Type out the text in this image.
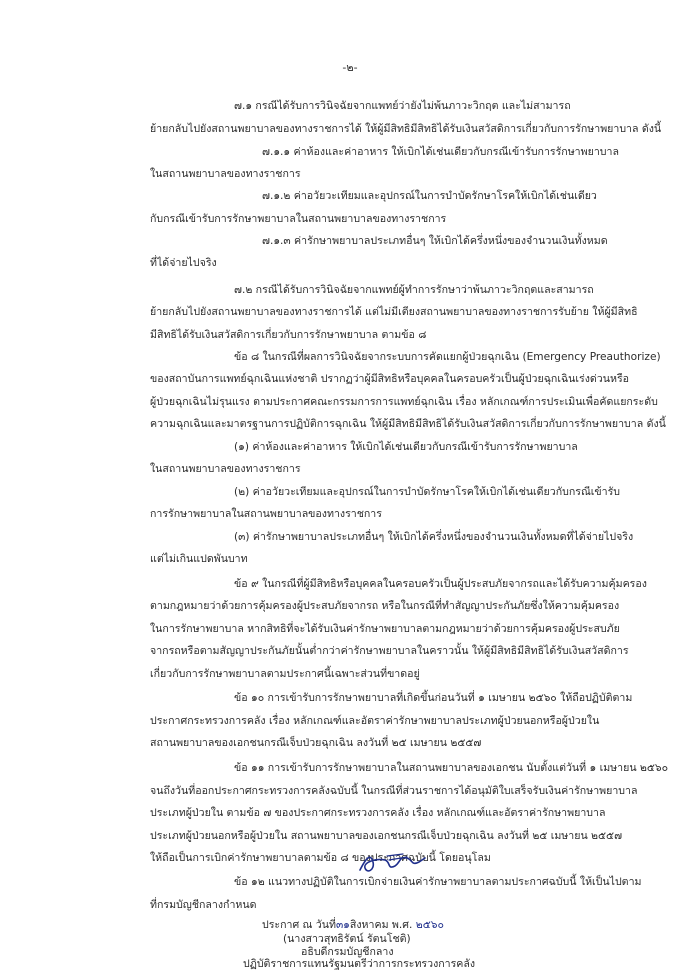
-๒-
๗.๑ กรณีได้รับการวินิจฉัยจากแพทย์ว่ายังไม่พ้นภาวะวิกฤต และไม่สามารถ
ย้ายกลับไปยังสถานพยาบาลของทางราชการได้ ให้ผู้มีสิทธิมีสิทธิได้รับเงินสวัสดิการเกี่ยวกับการรักษาพยาบาล ดังนี้
๗.๑.๑ ค่าห้องและค่าอาหาร ให้เบิกได้เช่นเดียวกับกรณีเข้ารับการรักษาพยาบาล
ในสถานพยาบาลของทางราชการ
๗.๑.๒ ค่าอวัยวะเทียมและอุปกรณ์ในการบำบัดรักษาโรคให้เบิกได้เช่นเดียว
กับกรณีเข้ารับการรักษาพยาบาลในสถานพยาบาลของทางราชการ
๗.๑.๓ ค่ารักษาพยาบาลประเภทอื่นๆ ให้เบิกได้ครึ่งหนึ่งของจำนวนเงินทั้งหมด
ที่ได้จ่ายไปจริง
๗.๒ กรณีได้รับการวินิจฉัยจากแพทย์ผู้ทำการรักษาว่าพ้นภาวะวิกฤตและสามารถ
ย้ายกลับไปยังสถานพยาบาลของทางราชการได้ แต่ไม่มีเตียงสถานพยาบาลของทางราชการรับย้าย ให้ผู้มีสิทธิ
มีสิทธิได้รับเงินสวัสดิการเกี่ยวกับการรักษาพยาบาล ตามข้อ ๘
ข้อ ๘ ในกรณีที่ผลการวินิจฉัยจากระบบการคัดแยกผู้ป่วยฉุกเฉิน (Emergency Preauthorize)
ของสถาบันการแพทย์ฉุกเฉินแห่งชาติ ปรากฏว่าผู้มีสิทธิหรือบุคคลในครอบครัวเป็นผู้ป่วยฉุกเฉินเร่งด่วนหรือ
ผู้ป่วยฉุกเฉินไม่รุนแรง ตามประกาศคณะกรรมการการแพทย์ฉุกเฉิน เรื่อง หลักเกณฑ์การประเมินเพื่อคัดแยกระดับ
ความฉุกเฉินและมาตรฐานการปฏิบัติการฉุกเฉิน ให้ผู้มีสิทธิมีสิทธิได้รับเงินสวัสดิการเกี่ยวกับการรักษาพยาบาล ดังนี้
(๑) ค่าห้องและค่าอาหาร ให้เบิกได้เช่นเดียวกับกรณีเข้ารับการรักษาพยาบาล
ในสถานพยาบาลของทางราชการ
(๒) ค่าอวัยวะเทียมและอุปกรณ์ในการบำบัดรักษาโรคให้เบิกได้เช่นเดียวกับกรณีเข้ารับ
การรักษาพยาบาลในสถานพยาบาลของทางราชการ
(๓) ค่ารักษาพยาบาลประเภทอื่นๆ ให้เบิกได้ครึ่งหนึ่งของจำนวนเงินทั้งหมดที่ได้จ่ายไปจริง
แต่ไม่เกินแปดพันบาท
ข้อ ๙ ในกรณีที่ผู้มีสิทธิหรือบุคคลในครอบครัวเป็นผู้ประสบภัยจากรถและได้รับความคุ้มครอง
ตามกฎหมายว่าด้วยการคุ้มครองผู้ประสบภัยจากรถ หรือในกรณีที่ทำสัญญาประกันภัยซึ่งให้ความคุ้มครอง
ในการรักษาพยาบาล หากสิทธิที่จะได้รับเงินค่ารักษาพยาบาลตามกฎหมายว่าด้วยการคุ้มครองผู้ประสบภัย
จากรถหรือตามสัญญาประกันภัยนั้นต่ำกว่าค่ารักษาพยาบาลในคราวนั้น ให้ผู้มีสิทธิมีสิทธิได้รับเงินสวัสดิการ
เกี่ยวกับการรักษาพยาบาลตามประกาศนี้เฉพาะส่วนที่ขาดอยู่
ข้อ ๑๐ การเข้ารับการรักษาพยาบาลที่เกิดขึ้นก่อนวันที่ ๑ เมษายน ๒๕๖๐ ให้ถือปฏิบัติตาม
ประกาศกระทรวงการคลัง เรื่อง หลักเกณฑ์และอัตราค่ารักษาพยาบาลประเภทผู้ป่วยนอกหรือผู้ป่วยใน
สถานพยาบาลของเอกชนกรณีเจ็บป่วยฉุกเฉิน ลงวันที่ ๒๕ เมษายน ๒๕๕๗
ข้อ ๑๑ การเข้ารับการรักษาพยาบาลในสถานพยาบาลของเอกชน นับตั้งแต่วันที่ ๑ เมษายน ๒๕๖๐
จนถึงวันที่ออกประกาศกระทรวงการคลังฉบับนี้ ในกรณีที่ส่วนราชการได้อนุมัติใบเสร็จรับเงินค่ารักษาพยาบาล
ประเภทผู้ป่วยใน ตามข้อ ๗ ของประกาศกระทรวงการคลัง เรื่อง หลักเกณฑ์และอัตราค่ารักษาพยาบาล
ประเภทผู้ป่วยนอกหรือผู้ป่วยใน สถานพยาบาลของเอกชนกรณีเจ็บป่วยฉุกเฉิน ลงวันที่ ๒๕ เมษายน ๒๕๕๗
ให้ถือเป็นการเบิกค่ารักษาพยาบาลตามข้อ ๘ ของประกาศฉบับนี้ โดยอนุโลม
ข้อ ๑๒ แนวทางปฏิบัติในการเบิกจ่ายเงินค่ารักษาพยาบาลตามประกาศฉบับนี้ ให้เป็นไปตาม
ที่กรมบัญชีกลางกำหนด
ประกาศ ณ วันที่๓๑สิงหาคม พ.ศ. ๒๕๖๐
(นางสาวสุทธิรัตน์ รัตนโชติ)
อธิบดีกรมบัญชีกลาง
ปฏิบัติราชการแทนรัฐมนตรีว่าการกระทรวงการคลัง
